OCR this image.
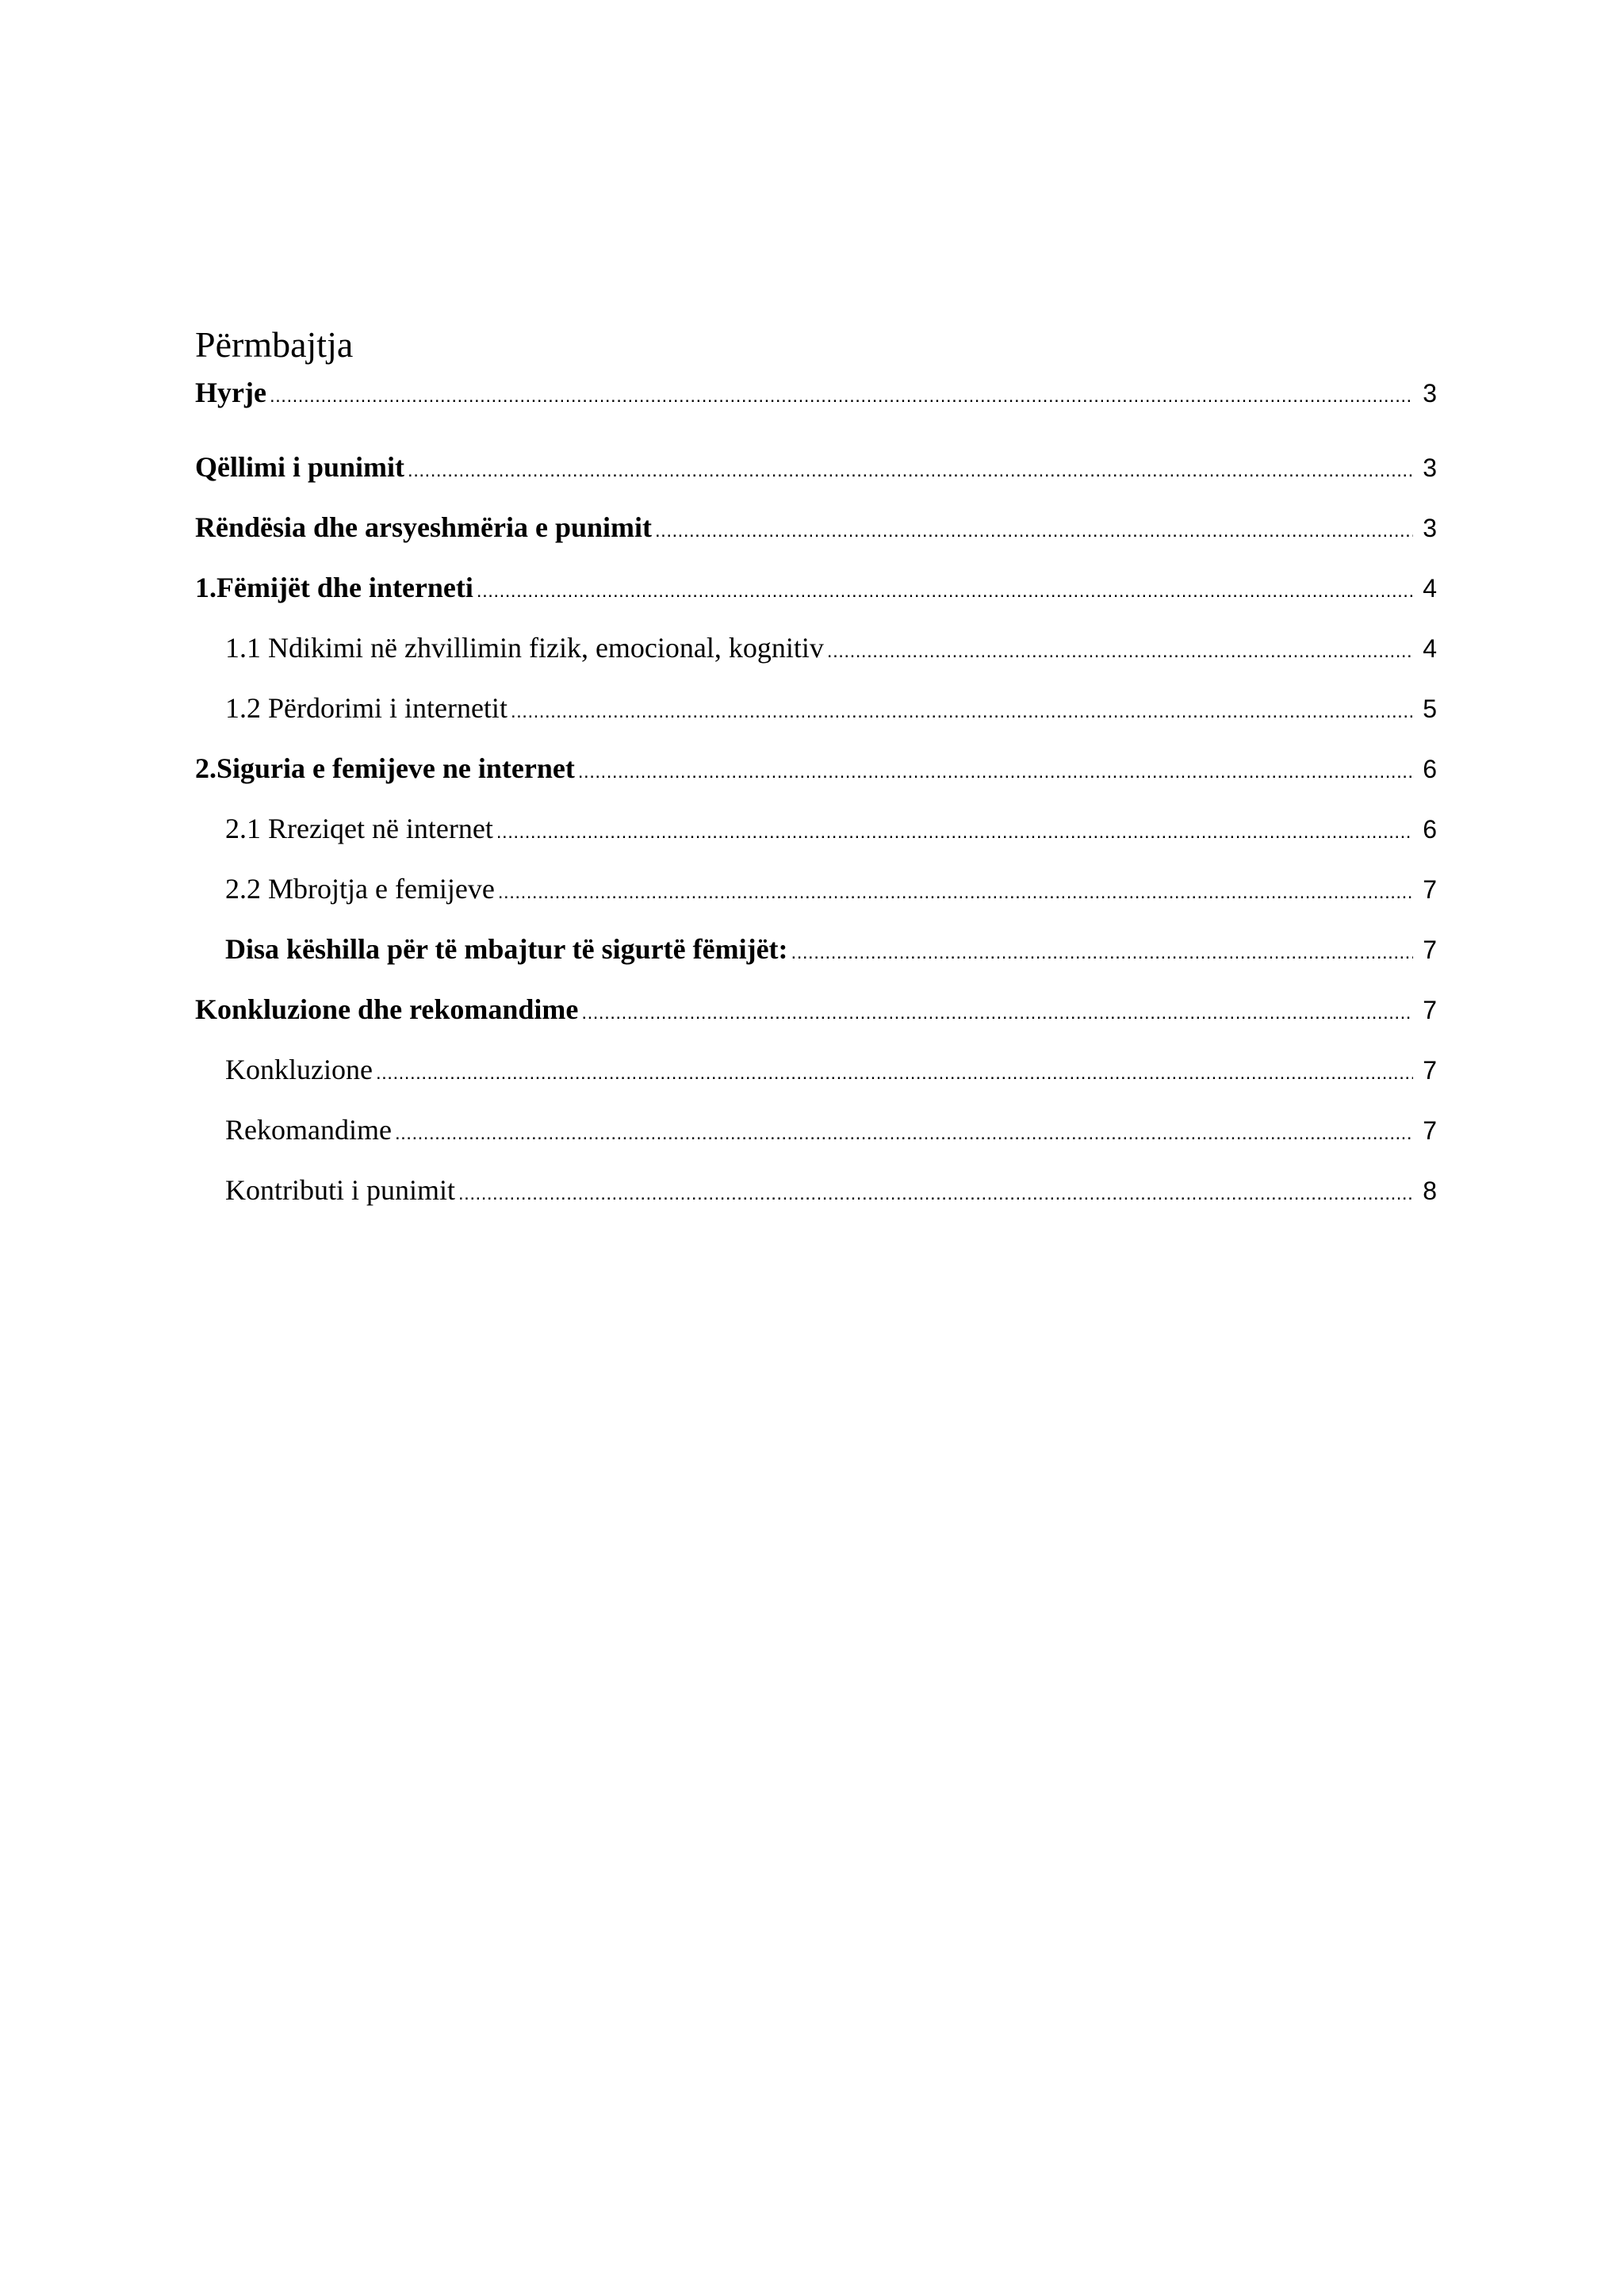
Përmbajtja
Hyrje .....	3
Qëllimi i punimit .....	3
Rëndësia dhe arsyeshmëria e punimit .....	3
1.Fëmijët dhe interneti .....	4
1.1 Ndikimi në zhvillimin fizik, emocional, kognitiv .....	4
1.2 Përdorimi i internetit .....	5
2.Siguria e femijeve ne internet .....	6
2.1 Rreziqet në internet .....	6
2.2 Mbrojtja e femijeve .....	7
Disa këshilla për të mbajtur të sigurtë fëmijët: .....	7
Konkluzione dhe rekomandime .....	7
Konkluzione .....	7
Rekomandime .....	7
Kontributi i punimit .....	8
